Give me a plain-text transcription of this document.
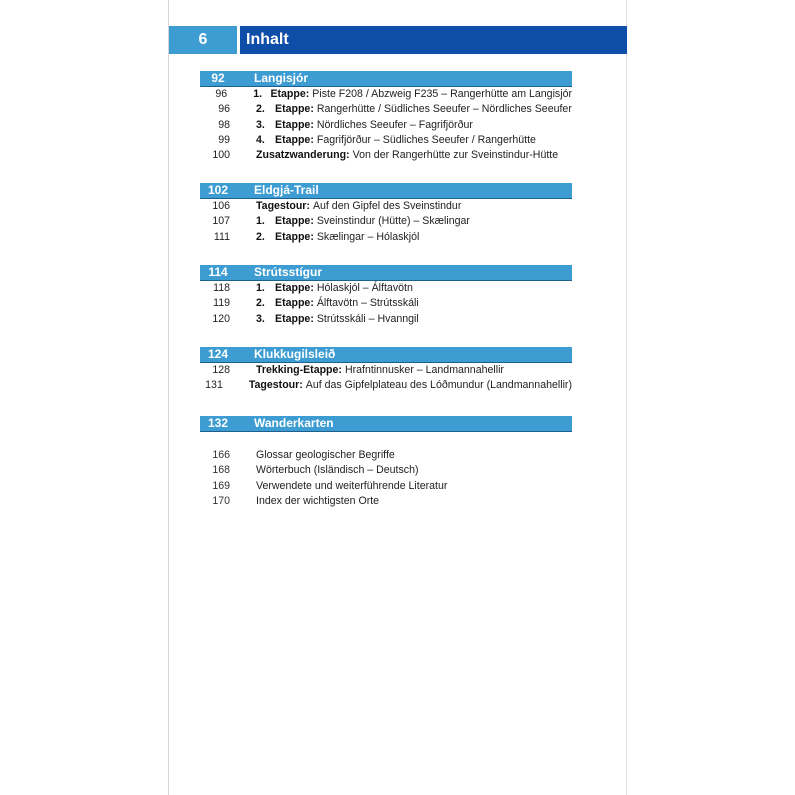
6	Inhalt
92	Langisjór
96 1. Etappe: Piste F208 / Abzweig F235 – Rangerhütte am Langisjór
96 2. Etappe: Rangerhütte / Südliches Seeufer – Nördliches Seeufer
98 3. Etappe: Nördliches Seeufer – Fagrifjörður
99 4. Etappe: Fagrifjörður – Südliches Seeufer / Rangerhütte
100 Zusatzwanderung: Von der Rangerhütte zur Sveinstindur-Hütte
102	Eldgjá-Trail
106 Tagestour: Auf den Gipfel des Sveinstindur
107 1. Etappe: Sveinstindur (Hütte) – Skælingar
111 2. Etappe: Skælingar – Hólaskjól
114	Strútsstígur
118 1. Etappe: Hólaskjól – Álftavötn
119 2. Etappe: Álftavötn – Strútsskáli
120 3. Etappe: Strútsskáli – Hvanngil
124	Klukkugilsleið
128 Trekking-Etappe: Hrafntinnusker – Landmannahellir
131 Tagestour: Auf das Gipfelplateau des Lóðmundur (Landmannahellir)
132	Wanderkarten
166 Glossar geologischer Begriffe
168 Wörterbuch (Isländisch – Deutsch)
169 Verwendete und weiterführende Literatur
170 Index der wichtigsten Orte
